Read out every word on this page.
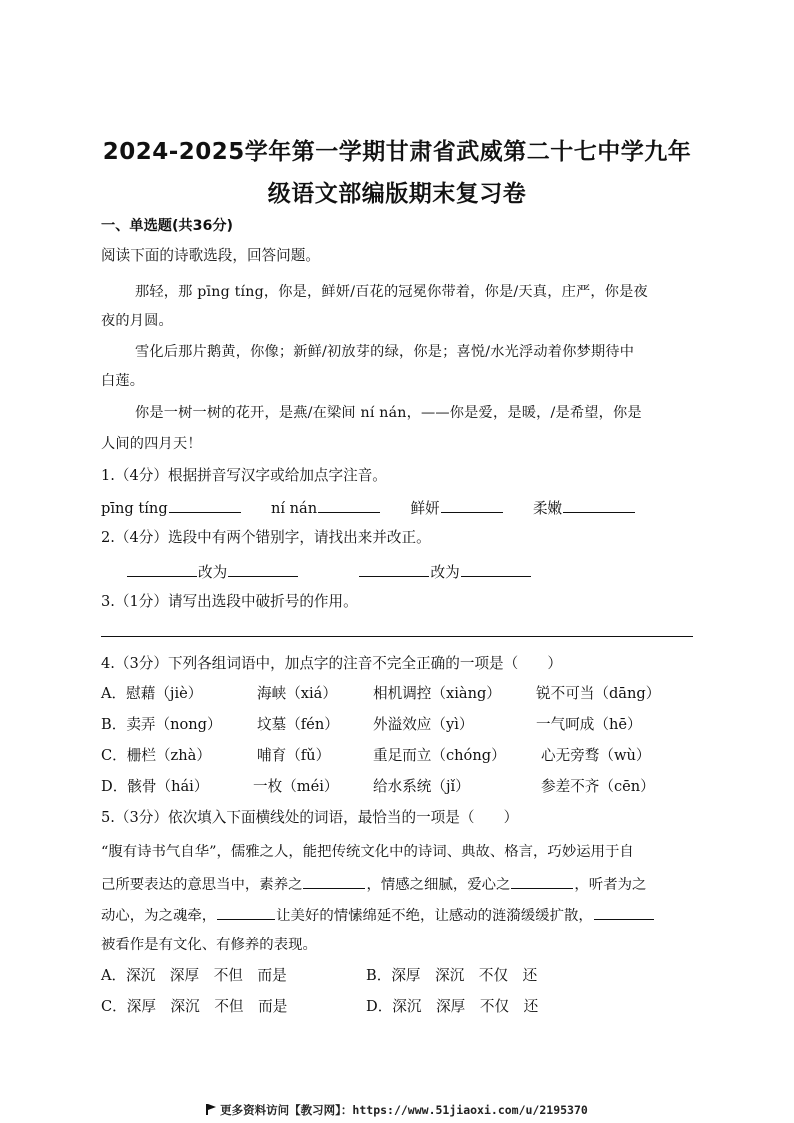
2024-2025学年第一学期甘肃省武威第二十七中学九年
级语文部编版期末复习卷
一、单选题(共36分)
阅读下面的诗歌选段，回答问题。
那轻，那 pīng tíng，你是，鲜妍/百花的冠冕你带着，你是/天真，庄严，你是夜
夜的月圆。
雪化后那片鹅黄，你像；新鲜/初放芽的绿，你是；喜悦/水光浮动着你梦期待中
白莲。
你是一树一树的花开，是燕/在梁间 ní nán，——你是爱，是暖，/是希望，你是
人间的四月天！
1.（4分）根据拼音写汉字或给加点字注音。
pīng tíng	ní nán	鲜妍	柔嫩
2.（4分）选段中有两个错别字，请找出来并改正。
改为	改为
3.（1分）请写出选段中破折号的作用。
4.（3分）下列各组词语中，加点字的注音不完全正确的一项是（　　）
A．慰藉（jiè）	海峡（xiá） 相机调控（xiàng） 锐不可当（dāng）
B．卖弄（nong） 坟墓（fén） 外溢效应（yì）	一气呵成（hē）
C．栅栏（zhà）	哺育（fǔ）	重足而立（chóng） 心无旁骛（wù）
D．骸骨（hái）	一枚（méi） 给水系统（jǐ）	参差不齐（cēn）
5.（3分）依次填入下面横线处的词语，最恰当的一项是（　　）
“腹有诗书气自华”，儒雅之人，能把传统文化中的诗词、典故、格言，巧妙运用于自
己所要表达的意思当中，素养之	，情感之细腻，爱心之	，听者为之
动心，为之魂牵，	让美好的情愫绵延不绝，让感动的涟漪缓缓扩散，
被看作是有文化、有修养的表现。
A．深沉　深厚　不但　而是	B．深厚　深沉　不仅　还
C．深厚　深沉　不但　而是	D．深沉　深厚　不仅　还
更多资料访问【教习网】：https://www.51jiaoxi.com/u/2195370
